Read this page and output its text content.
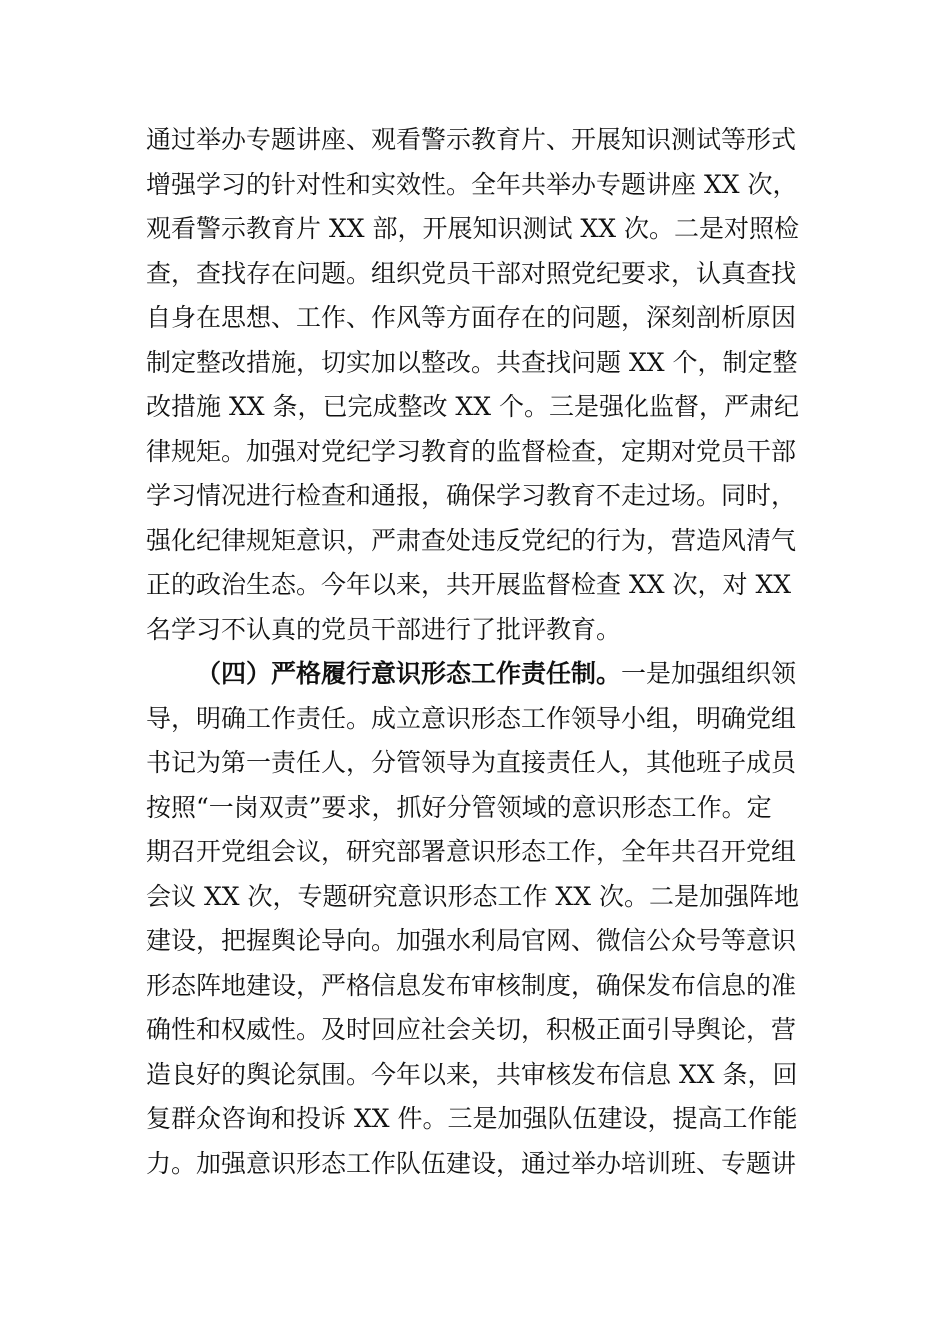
通过举办专题讲座、观看警示教育片、开展知识测试等形式
增强学习的针对性和实效性。全年共举办专题讲座 XX 次，
观看警示教育片 XX 部，开展知识测试 XX 次。二是对照检
查，查找存在问题。组织党员干部对照党纪要求，认真查找
自身在思想、工作、作风等方面存在的问题，深刻剖析原因
制定整改措施，切实加以整改。共查找问题 XX 个，制定整
改措施 XX 条，已完成整改 XX 个。三是强化监督，严肃纪
律规矩。加强对党纪学习教育的监督检查，定期对党员干部
学习情况进行检查和通报，确保学习教育不走过场。同时，
强化纪律规矩意识，严肃查处违反党纪的行为，营造风清气
正的政治生态。今年以来，共开展监督检查 XX 次，对 XX
名学习不认真的党员干部进行了批评教育。
（四）严格履行意识形态工作责任制。一是加强组织领
导，明确工作责任。成立意识形态工作领导小组，明确党组
书记为第一责任人，分管领导为直接责任人，其他班子成员
按照“一岗双责”要求，抓好分管领域的意识形态工作。定
期召开党组会议，研究部署意识形态工作，全年共召开党组
会议 XX 次，专题研究意识形态工作 XX 次。二是加强阵地
建设，把握舆论导向。加强水利局官网、微信公众号等意识
形态阵地建设，严格信息发布审核制度，确保发布信息的准
确性和权威性。及时回应社会关切，积极正面引导舆论，营
造良好的舆论氛围。今年以来，共审核发布信息 XX 条，回
复群众咨询和投诉 XX 件。三是加强队伍建设，提高工作能
力。加强意识形态工作队伍建设，通过举办培训班、专题讲
